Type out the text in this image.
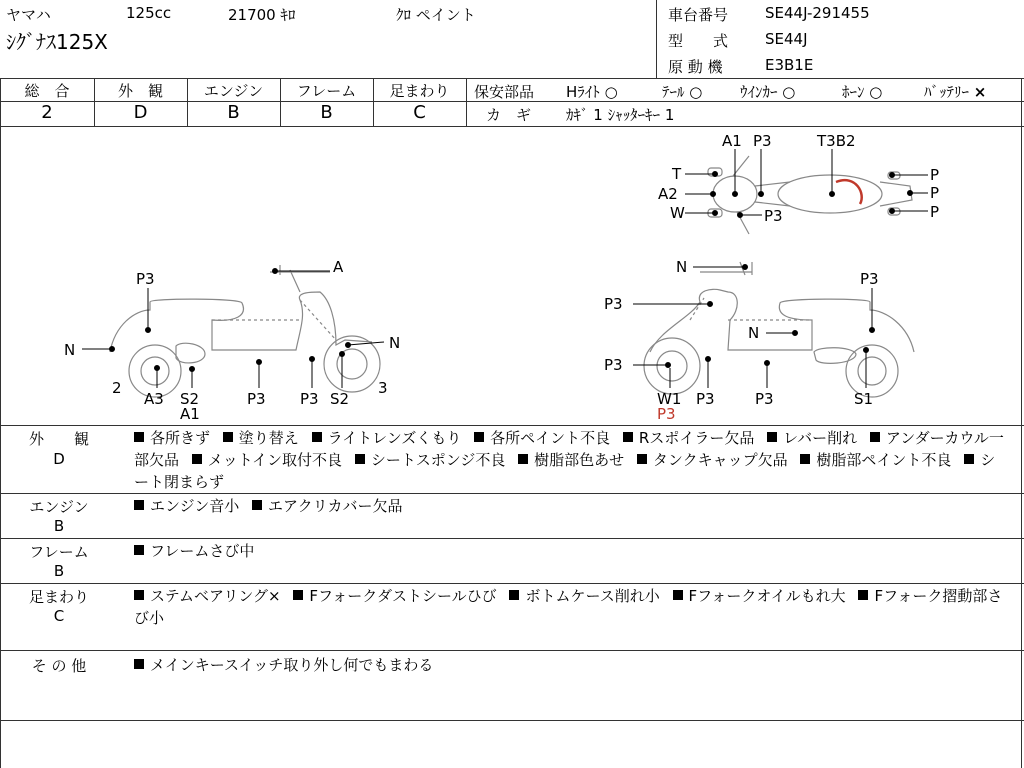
ヤマハ	125cc	21700 ｷﾛ	ｸﾛ ペイント
ｼｸﾞﾅｽ125X
車台番号 SE44J-291455
型　　式 SE44J
原 動 機	E3B1E
総　合	外　観	エンジン	フレーム	足まわり
2	D	B	B	C
保安部品 Hﾗｲﾄ ○	ﾃｰﾙ ○	ｳｲﾝｶｰ ○	ﾎｰﾝ ○	ﾊﾞｯﾃﾘｰ ×
カ　ギ ｶｷﾞ 1 ｼｬｯﾀｰｷｰ 1
A1 P3	T3B2
T
A2
W	P3
P
P
P
P3
A
N	N
2	3
A3 S2
A1
P3 P3 S2
N
P3
P3
N
P3
W1
P3
P3	P3	S1
外　　観
D
各所きず 塗り替え ライトレンズくもり 各所ペイント不良 Rスポイラー欠品 レバー削れ アンダーカウル一部欠品 メットイン取付不良 シートスポンジ不良 樹脂部色あせ タンクキャップ欠品 樹脂部ペイント不良 シート閉まらず
エンジン
B
エンジン音小 エアクリカバー欠品
フレーム
B
フレームさび中
足まわり
C
ステムベアリング× Fフォークダストシールひび ボトムケース削れ小 Fフォークオイルもれ大 Fフォーク摺動部さび小
そ の 他	メインキースイッチ取り外し何でもまわる
